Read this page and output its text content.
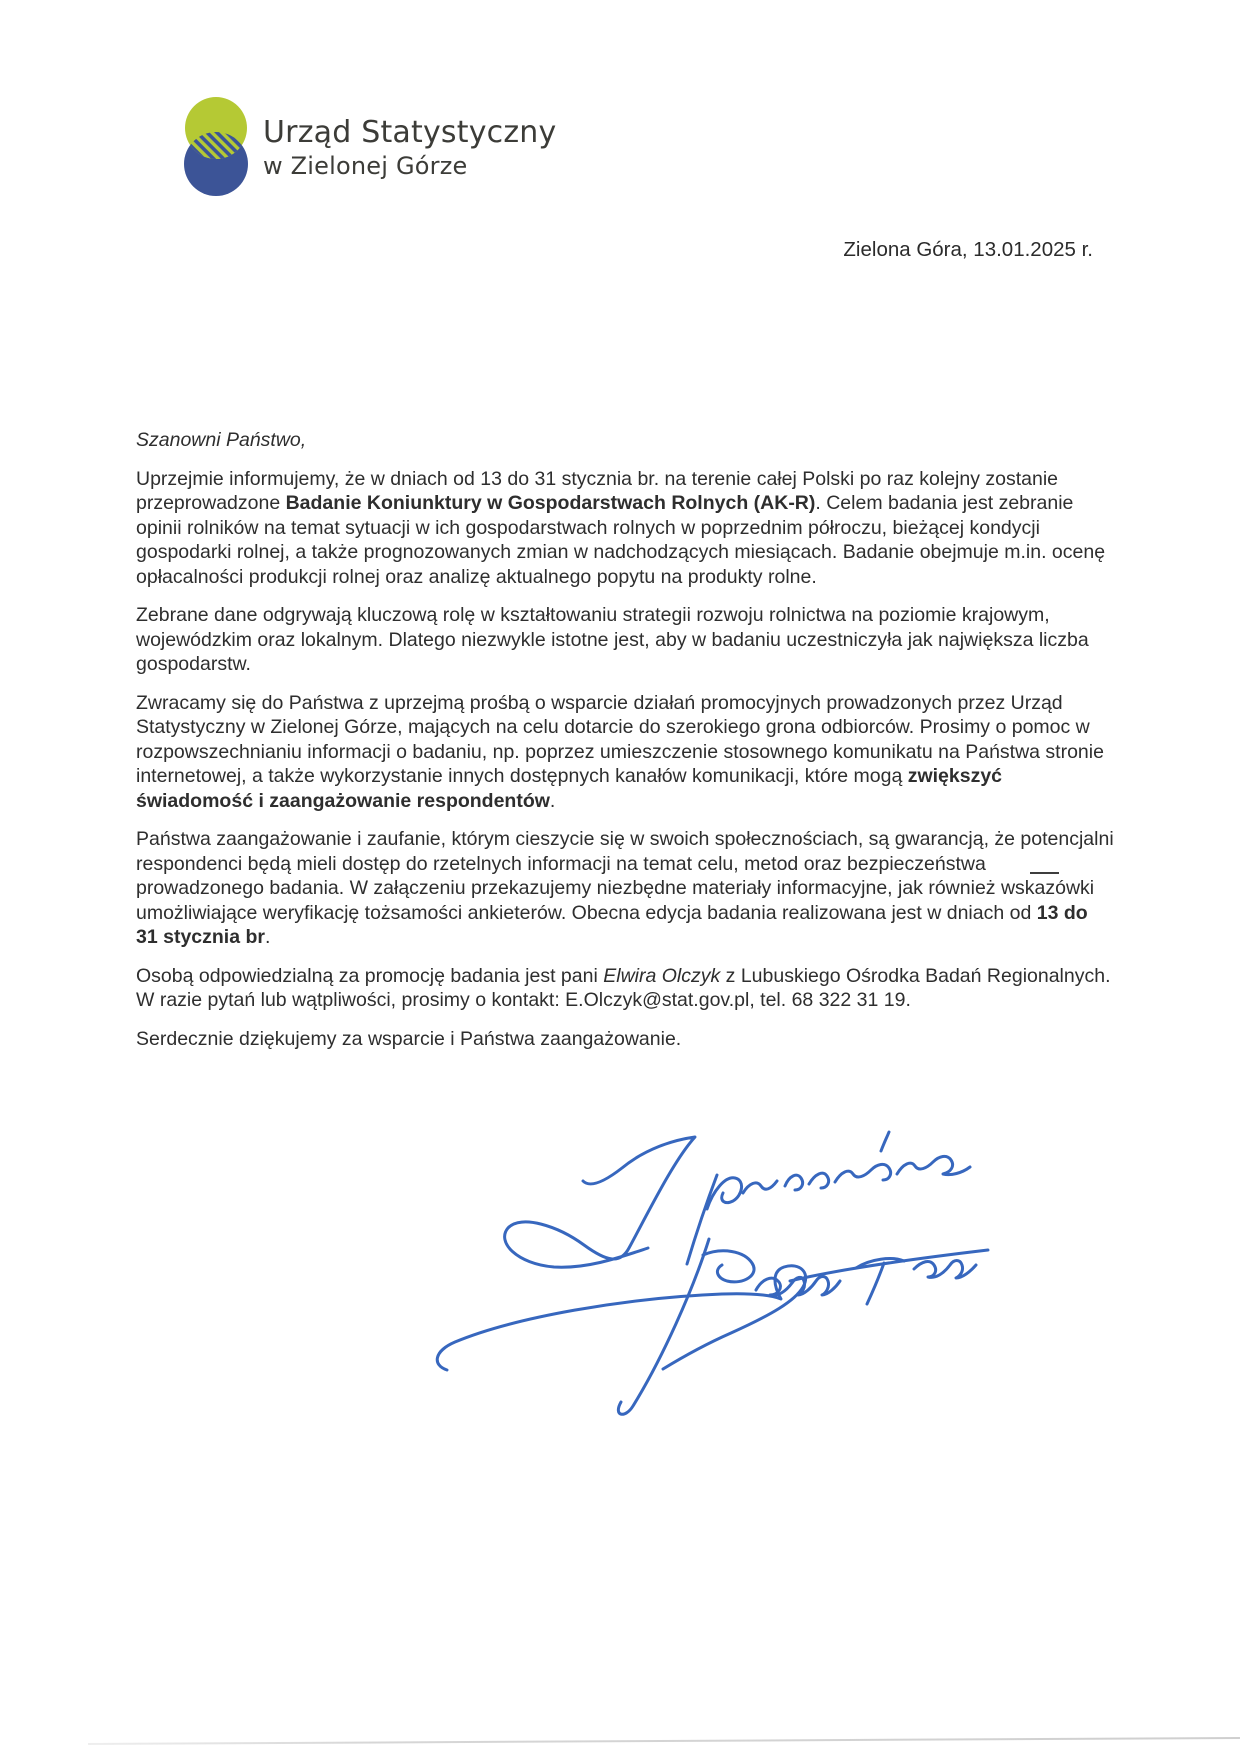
Urząd Statystyczny
w Zielonej Górze
Zielona Góra, 13.01.2025 r.

Szanowni Państwo,

Uprzejmie informujemy, że w dniach od 13 do 31 stycznia br. na terenie całej Polski po raz kolejny zostanie przeprowadzone Badanie Koniunktury w Gospodarstwach Rolnych (AK-R). Celem badania jest zebranie opinii rolników na temat sytuacji w ich gospodarstwach rolnych w poprzednim półroczu, bieżącej kondycji gospodarki rolnej, a także prognozowanych zmian w nadchodzących miesiącach. Badanie obejmuje m.in. ocenę opłacalności produkcji rolnej oraz analizę aktualnego popytu na produkty rolne.

Zebrane dane odgrywają kluczową rolę w kształtowaniu strategii rozwoju rolnictwa na poziomie krajowym, wojewódzkim oraz lokalnym. Dlatego niezwykle istotne jest, aby w badaniu uczestniczyła jak największa liczba gospodarstw.

Zwracamy się do Państwa z uprzejmą prośbą o wsparcie działań promocyjnych prowadzonych przez Urząd Statystyczny w Zielonej Górze, mających na celu dotarcie do szerokiego grona odbiorców. Prosimy o pomoc w rozpowszechnianiu informacji o badaniu, np. poprzez umieszczenie stosownego komunikatu na Państwa stronie internetowej, a także wykorzystanie innych dostępnych kanałów komunikacji, które mogą zwiększyć świadomość i zaangażowanie respondentów.

Państwa zaangażowanie i zaufanie, którym cieszycie się w swoich społecznościach, są gwarancją, że potencjalni respondenci będą mieli dostęp do rzetelnych informacji na temat celu, metod oraz bezpieczeństwa prowadzonego badania. W załączeniu przekazujemy niezbędne materiały informacyjne, jak również wskazówki umożliwiające weryfikację tożsamości ankieterów. Obecna edycja badania realizowana jest w dniach od 13 do 31 stycznia br.

Osobą odpowiedzialną za promocję badania jest pani Elwira Olczyk z Lubuskiego Ośrodka Badań Regionalnych. W razie pytań lub wątpliwości, prosimy o kontakt: E.Olczyk@stat.gov.pl, tel. 68 322 31 19.

Serdecznie dziękujemy za wsparcie i Państwa zaangażowanie.
